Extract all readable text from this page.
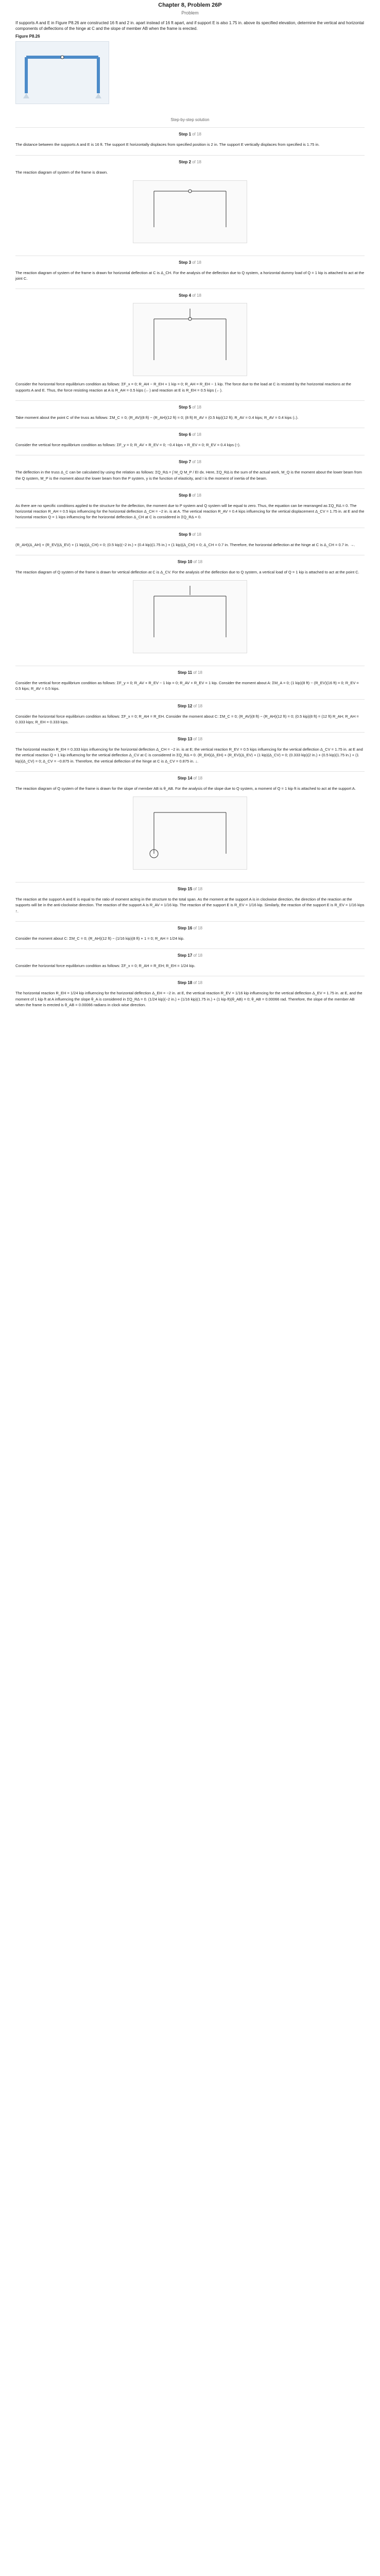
Chapter 8, Problem 26P
Problem
If supports A and E in Figure P8.26 are constructed 16 ft and 2 in. apart instead of 16 ft apart, and if support E is also 1.75 in. above its specified elevation, determine the vertical and horizontal components of deflections of the hinge at C and the slope of member AB when the frame is erected.
Figure P8.26
Step-by-step solution
Step 1 of 18
The distance between the supports A and E is 16 ft. The support E horizontally displaces from specified position is 2 in. The support E vertically displaces from specified is 1.75 in.
Step 2 of 18
The reaction diagram of system of the frame is drawn.
Step 3 of 18
The reaction diagram of system of the frame is drawn for horizontal deflection at C is Δ_CH. For the analysis of the deflection due to Q system, a horizontal dummy load of Q = 1 kip is attached to act at the joint C.
Step 4 of 18
Consider the horizontal force equilibrium condition as follows: ΣF_x = 0; R_AH − R_EH + 1 kip = 0; R_AH = R_EH − 1 kip. The force due to the load at C is resisted by the horizontal reactions at the supports A and E. Thus, the force resisting reaction at A is R_AH = 0.5 kips (←) and reaction at E is R_EH = 0.5 kips (←).
Step 5 of 18
Take moment about the point C of the truss as follows: ΣM_C = 0; (R_AV)(8 ft) − (R_AH)(12 ft) = 0; (8 ft) R_AV = (0.5 kip)(12 ft); R_AV = 0.4 kips; R_AV = 0.4 kips (↓).
Step 6 of 18
Consider the vertical force equilibrium condition as follows: ΣF_y = 0; R_AV + R_EV = 0; −0.4 kips + R_EV = 0; R_EV = 0.4 kips (↑).
Step 7 of 18
The deflection in the truss Δ_C can be calculated by using the relation as follows: ΣQ_RΔ = ∫ M_Q M_P / EI dx. Here, ΣQ_RΔ is the sum of the actual work, M_Q is the moment about the lower beam from the Q system, M_P is the moment about the lower beam from the P system, y is the function of elasticity, and I is the moment of inertia of the beam.
Step 8 of 18
As there are no specific conditions applied to the structure for the deflection, the moment due to P system and Q system will be equal to zero. Thus, the equation can be rearranged as ΣQ_RΔ = 0. The horizontal reaction R_AH = 0.5 kips influencing for the horizontal deflection Δ_CH = −2 in. is at A. The vertical reaction R_AV = 0.4 kips influencing for the vertical displacement Δ_CV = 1.75 in. at E and the horizontal reaction Q = 1 kips influencing for the horizontal deflection Δ_CH at C is considered in ΣQ_RΔ = 0.
Step 9 of 18
(R_AH)(Δ_AH) + (R_EV)(Δ_EV) + (1 kip)(Δ_CH) = 0; (0.5 kip)(−2 in.) + (0.4 kip)(1.75 in.) + (1 kip)(Δ_CH) = 0; Δ_CH = 0.7 in. Therefore, the horizontal deflection at the hinge at C is Δ_CH = 0.7 in. →.
Step 10 of 18
The reaction diagram of Q system of the frame is drawn for vertical deflection at C is Δ_CV. For the analysis of the deflection due to Q system, a vertical load of Q = 1 kip is attached to act at the point C.
Step 11 of 18
Consider the vertical force equilibrium condition as follows: ΣF_y = 0; R_AV + R_EV − 1 kip = 0; R_AV + R_EV = 1 kip. Consider the moment about A: ΣM_A = 0; (1 kip)(8 ft) − (R_EV)(16 ft) = 0; R_EV = 0.5 kips; R_AV = 0.5 kips.
Step 12 of 18
Consider the horizontal force equilibrium condition as follows: ΣF_x = 0; R_AH = R_EH. Consider the moment about C: ΣM_C = 0; (R_AV)(8 ft) − (R_AH)(12 ft) = 0; (0.5 kip)(8 ft) = (12 ft) R_AH; R_AH = 0.333 kips; R_EH = 0.333 kips.
Step 13 of 18
The horizontal reaction R_EH = 0.333 kips influencing for the horizontal deflection Δ_CH = −2 in. is at E; the vertical reaction R_EV = 0.5 kips influencing for the vertical deflection Δ_CV = 1.75 in. at E and the vertical reaction Q = 1 kip influencing for the vertical deflection Δ_CV at C is considered in ΣQ_RΔ = 0. (R_EH)(Δ_EH) + (R_EV)(Δ_EV) + (1 kip)(Δ_CV) = 0; (0.333 kip)(2 in.) + (0.5 kip)(1.75 in.) + (1 kip)(Δ_CV) = 0; Δ_CV = −0.875 in. Therefore, the vertical deflection of the hinge at C is Δ_CV = 0.875 in. ↓.
Step 14 of 18
The reaction diagram of Q system of the frame is drawn for the slope of member AB is θ_AB. For the analysis of the slope due to Q system, a moment of Q = 1 kip·ft is attached to act at the support A.
Step 15 of 18
The reaction at the support A and E is equal to the ratio of moment acting in the structure to the total span. As the moment at the support A is in clockwise direction, the direction of the reaction at the supports will be in the anti-clockwise direction. The reaction of the support A is R_AV = 1/16 kip. The reaction of the support E is R_EV = 1/16 kip. Similarly, the reaction of the support E is R_EV = 1/16 kips ↑.
Step 16 of 18
Consider the moment about C: ΣM_C = 0; (R_AH)(12 ft) − (1/16 kip)(8 ft) + 1 = 0; R_AH = 1/24 kip.
Step 17 of 18
Consider the horizontal force equilibrium condition as follows: ΣF_x = 0; R_AH = R_EH; R_EH = 1/24 kip.
Step 18 of 18
The horizontal reaction R_EH = 1/24 kip influencing for the horizontal deflection Δ_EH = −2 in. at E, the vertical reaction R_EV = 1/16 kip influencing for the vertical deflection Δ_EV = 1.75 in. at E, and the moment of 1 kip·ft at A influencing the slope θ_A is considered in ΣQ_RΔ = 0. (1/24 kip)(−2 in.) + (1/16 kip)(1.75 in.) + (1 kip·ft)(θ_AB) = 0; θ_AB = 0.00066 rad. Therefore, the slope of the member AB when the frame is erected is θ_AB = 0.00066 radians in clock wise direction.
